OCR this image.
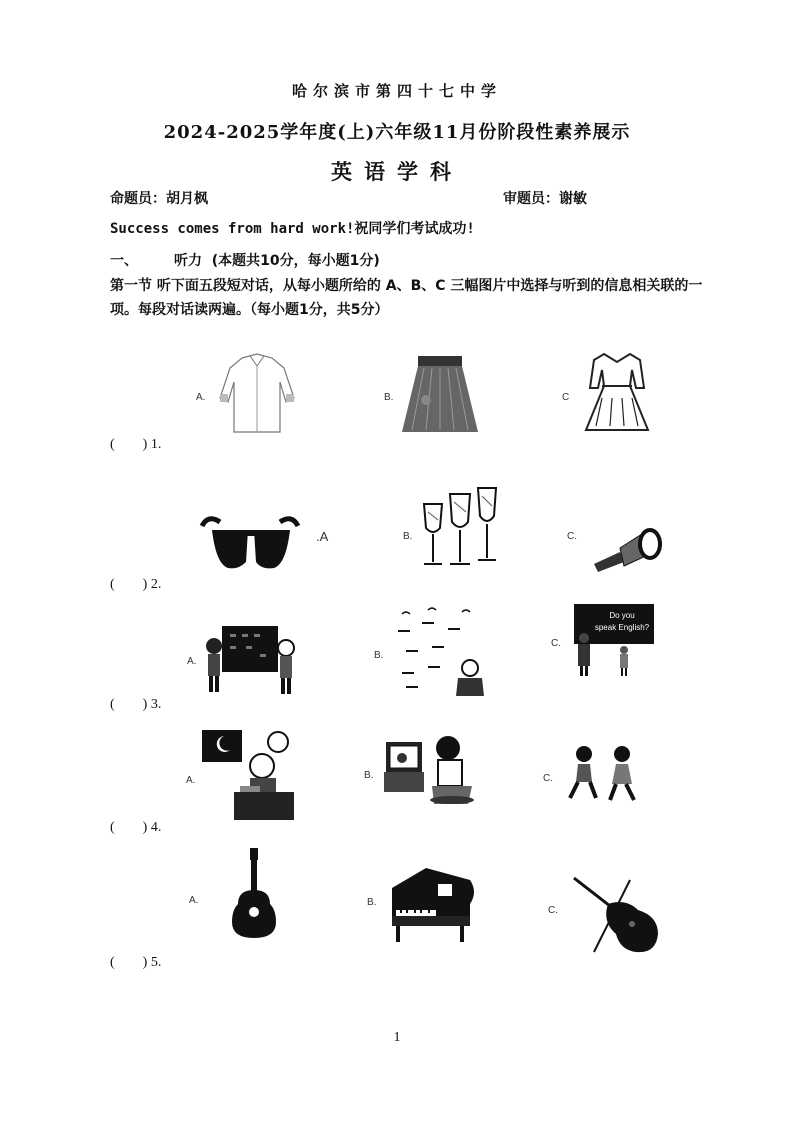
哈尔滨市第四十七中学
2024-2025学年度(上)六年级11月份阶段性素养展示
英语学科
命题员：胡月枫	审题员：谢敏
Success comes from hard work!祝同学们考试成功!
一、	听力 (本题共10分，每小题1分)
第一节 听下面五段短对话，从每小题所给的 A、B、C 三幅图片中选择与听到的信息相关联的一项。每段对话读两遍。（每小题1分，共5分）
( ) 1.
A.	B.	C
( ) 2.
.A	B.	C.
( ) 3.
A.
B.
C.
Do you
speak English?
( ) 4.
A.	B.	C.
( ) 5.
A.	B.
C.
1
